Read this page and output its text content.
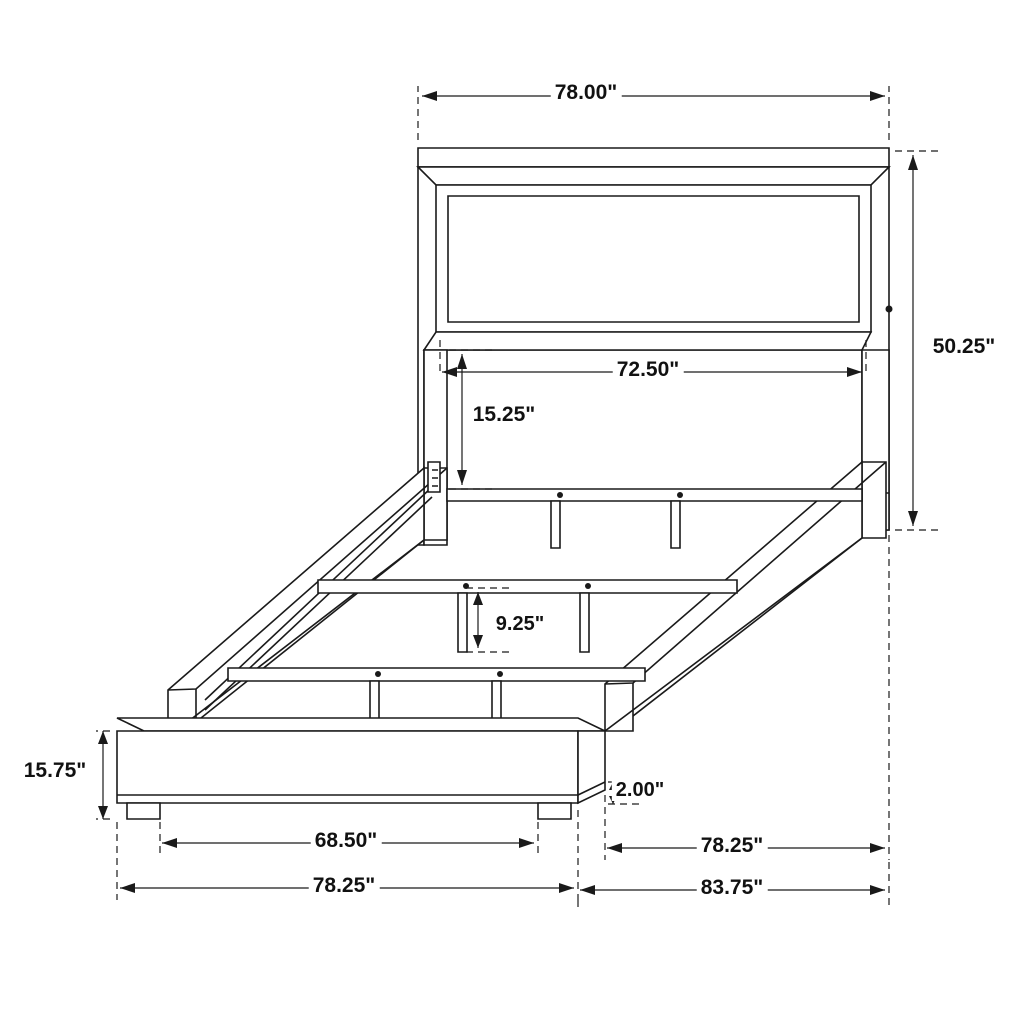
78.00"
50.25"
72.50"
15.25"
9.25"
15.75"
2.00"
68.50"
78.25"
78.25"
83.75"
